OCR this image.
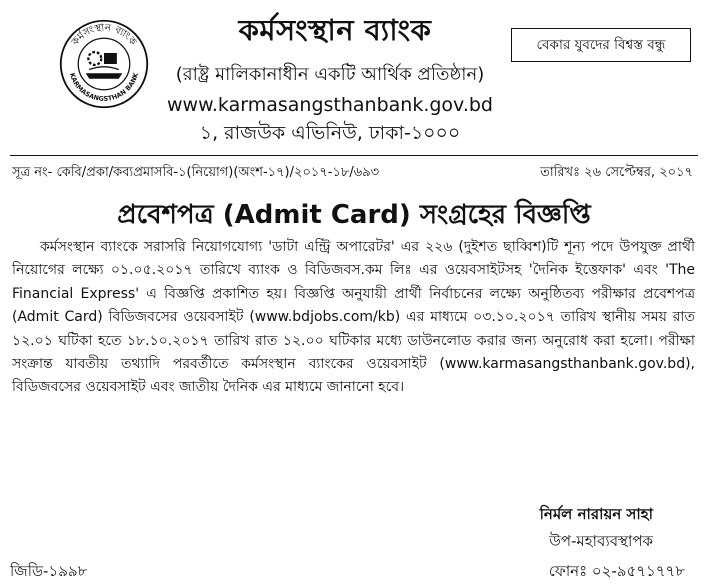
কর্মসংস্থান ব্যাংক
KARMASANGSTHAN BANK
কর্মসংস্থান ব্যাংক	বেকার যুবদের বিশ্বস্ত বন্ধু
(রাষ্ট্র মালিকানাধীন একটি আর্থিক প্রতিষ্ঠান)
www.karmasangsthanbank.gov.bd
১, রাজউক এভিনিউ, ঢাকা-১০০০
সূত্র নং- কেবি/প্রকা/কব্যপ্রমাসবি-১(নিয়োগ)(অংশ-১৭)/২০১৭-১৮/৬৯৩	তারিখঃ ২৬ সেপ্টেম্বর, ২০১৭
প্রবেশপত্র (Admit Card) সংগ্রহের বিজ্ঞপ্তি

কর্মসংস্থান ব্যাংকে সরাসরি নিয়োগযোগ্য 'ডাটা এন্ট্রি অপারেটর' এর ২২৬ (দুইশত ছাব্বিশ)টি শূন্য পদে উপযুক্ত প্রার্থী নিয়োগের লক্ষ্যে ০১.০৫.২০১৭ তারিখে ব্যাংক ও বিডিজবস.কম লিঃ এর ওয়েবসাইটসহ 'দৈনিক ইত্তেফাক' এবং 'The Financial Express' এ বিজ্ঞপ্তি প্রকাশিত হয়। বিজ্ঞপ্তি অনুযায়ী প্রার্থী নির্বাচনের লক্ষ্যে অনুষ্ঠিতব্য পরীক্ষার প্রবেশপত্র (Admit Card) বিডিজবসের ওয়েবসাইট (www.bdjobs.com/kb) এর মাধ্যমে ০৩.১০.২০১৭ তারিখ স্থানীয় সময় রাত ১২.০১ ঘটিকা হতে ১৮.১০.২০১৭ তারিখ রাত ১২.০০ ঘটিকার মধ্যে ডাউনলোড করার জন্য অনুরোধ করা হলো। পরীক্ষা সংক্রান্ত যাবতীয় তথ্যাদি পরবর্তীতে কর্মসংস্থান ব্যাংকের ওয়েবসাইট (www.karmasangsthanbank.gov.bd), বিডিজবসের ওয়েবসাইট এবং জাতীয় দৈনিক এর মাধ্যমে জানানো হবে।

নির্মল নারায়ন সাহা
উপ-মহাব্যবস্থাপক
জিডি-১৯৯৮	ফোনঃ ০২-৯৫৭১৭৭৮
